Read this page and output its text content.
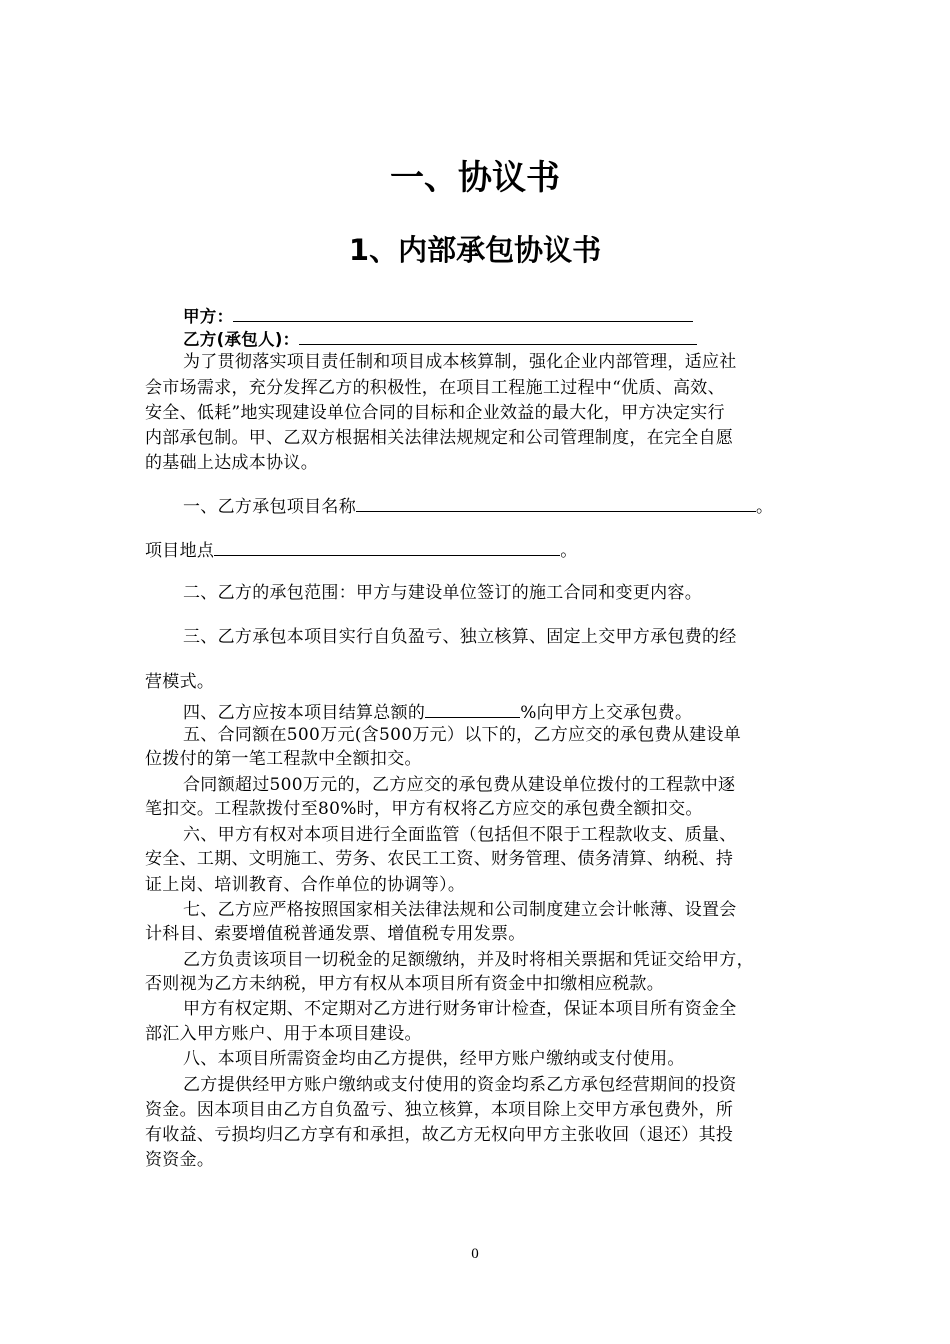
一、协议书
1、内部承包协议书
甲方：
乙方(承包人)：
为了贯彻落实项目责任制和项目成本核算制，强化企业内部管理，适应社
会市场需求，充分发挥乙方的积极性，在项目工程施工过程中“优质、高效、
安全、低耗”地实现建设单位合同的目标和企业效益的最大化，甲方决定实行
内部承包制。甲、乙双方根据相关法律法规规定和公司管理制度，在完全自愿
的基础上达成本协议。
一、乙方承包项目名称	。
项目地点	。
二、乙方的承包范围：甲方与建设单位签订的施工合同和变更内容。
三、乙方承包本项目实行自负盈亏、独立核算、固定上交甲方承包费的经
营模式。
四、乙方应按本项目结算总额的	%向甲方上交承包费。
五、合同额在500万元(含500万元）以下的，乙方应交的承包费从建设单
位拨付的第一笔工程款中全额扣交。
合同额超过500万元的，乙方应交的承包费从建设单位拨付的工程款中逐
笔扣交。工程款拨付至80%时，甲方有权将乙方应交的承包费全额扣交。
六、甲方有权对本项目进行全面监管（包括但不限于工程款收支、质量、
安全、工期、文明施工、劳务、农民工工资、财务管理、债务清算、纳税、持
证上岗、培训教育、合作单位的协调等）。
七、乙方应严格按照国家相关法律法规和公司制度建立会计帐薄、设置会
计科目、索要增值税普通发票、增值税专用发票。
乙方负责该项目一切税金的足额缴纳，并及时将相关票据和凭证交给甲方，
否则视为乙方未纳税，甲方有权从本项目所有资金中扣缴相应税款。
甲方有权定期、不定期对乙方进行财务审计检查，保证本项目所有资金全
部汇入甲方账户、用于本项目建设。
八、本项目所需资金均由乙方提供，经甲方账户缴纳或支付使用。
乙方提供经甲方账户缴纳或支付使用的资金均系乙方承包经营期间的投资
资金。因本项目由乙方自负盈亏、独立核算，本项目除上交甲方承包费外，所
有收益、亏损均归乙方享有和承担，故乙方无权向甲方主张收回（退还）其投
资资金。
0
